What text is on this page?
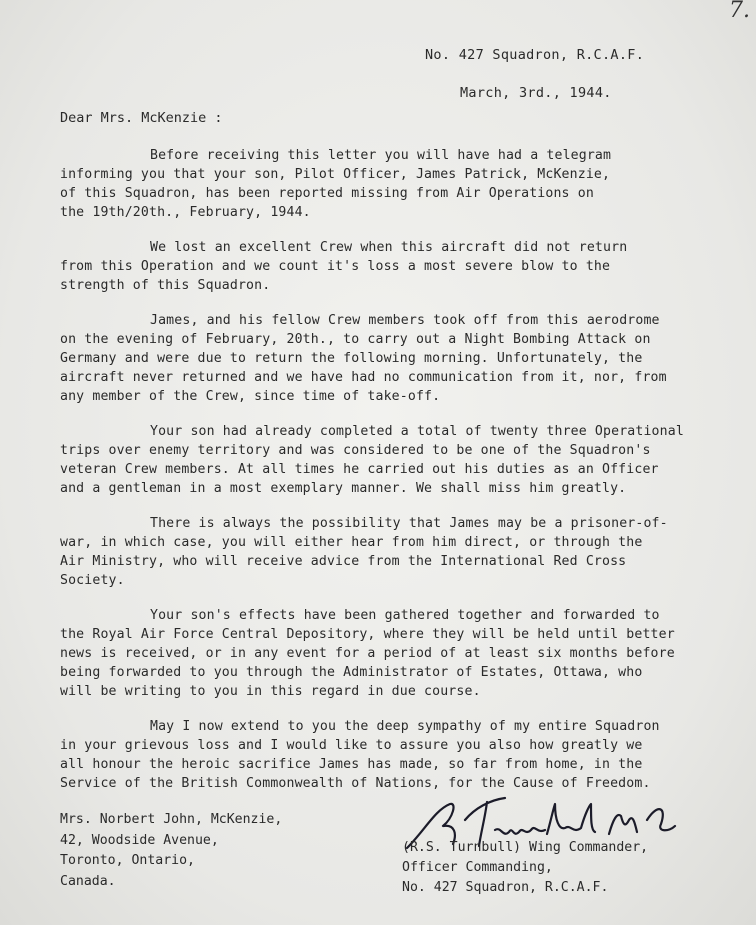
7.
No. 427 Squadron, R.C.A.F.
March, 3rd., 1944.
Dear Mrs. McKenzie :

Before receiving this letter you will have had a telegram
informing you that your son, Pilot Officer, James Patrick, McKenzie,
of this Squadron, has been reported missing from Air Operations on
the 19th/20th., February, 1944.

We lost an excellent Crew when this aircraft did not return
from this Operation and we count it's loss a most severe blow to the
strength of this Squadron.

James, and his fellow Crew members took off from this aerodrome
on the evening of February, 20th., to carry out a Night Bombing Attack on
Germany and were due to return the following morning. Unfortunately, the
aircraft never returned and we have had no communication from it, nor, from
any member of the Crew, since time of take-off.

Your son had already completed a total of twenty three Operational
trips over enemy territory and was considered to be one of the Squadron's
veteran Crew members. At all times he carried out his duties as an Officer
and a gentleman in a most exemplary manner. We shall miss him greatly.

There is always the possibility that James may be a prisoner-of-
war, in which case, you will either hear from him direct, or through the
Air Ministry, who will receive advice from the International Red Cross
Society.

Your son's effects have been gathered together and forwarded to
the Royal Air Force Central Depository, where they will be held until better
news is received, or in any event for a period of at least six months before
being forwarded to you through the Administrator of Estates, Ottawa, who
will be writing to you in this regard in due course.

May I now extend to you the deep sympathy of my entire Squadron
in your grievous loss and I would like to assure you also how greatly we
all honour the heroic sacrifice James has made, so far from home, in the
Service of the British Commonwealth of Nations, for the Cause of Freedom.

Mrs. Norbert John, McKenzie,
42, Woodside Avenue,
Toronto, Ontario,
Canada.
(R.S. Turnbull) Wing Commander,
Officer Commanding,
No. 427 Squadron, R.C.A.F.
